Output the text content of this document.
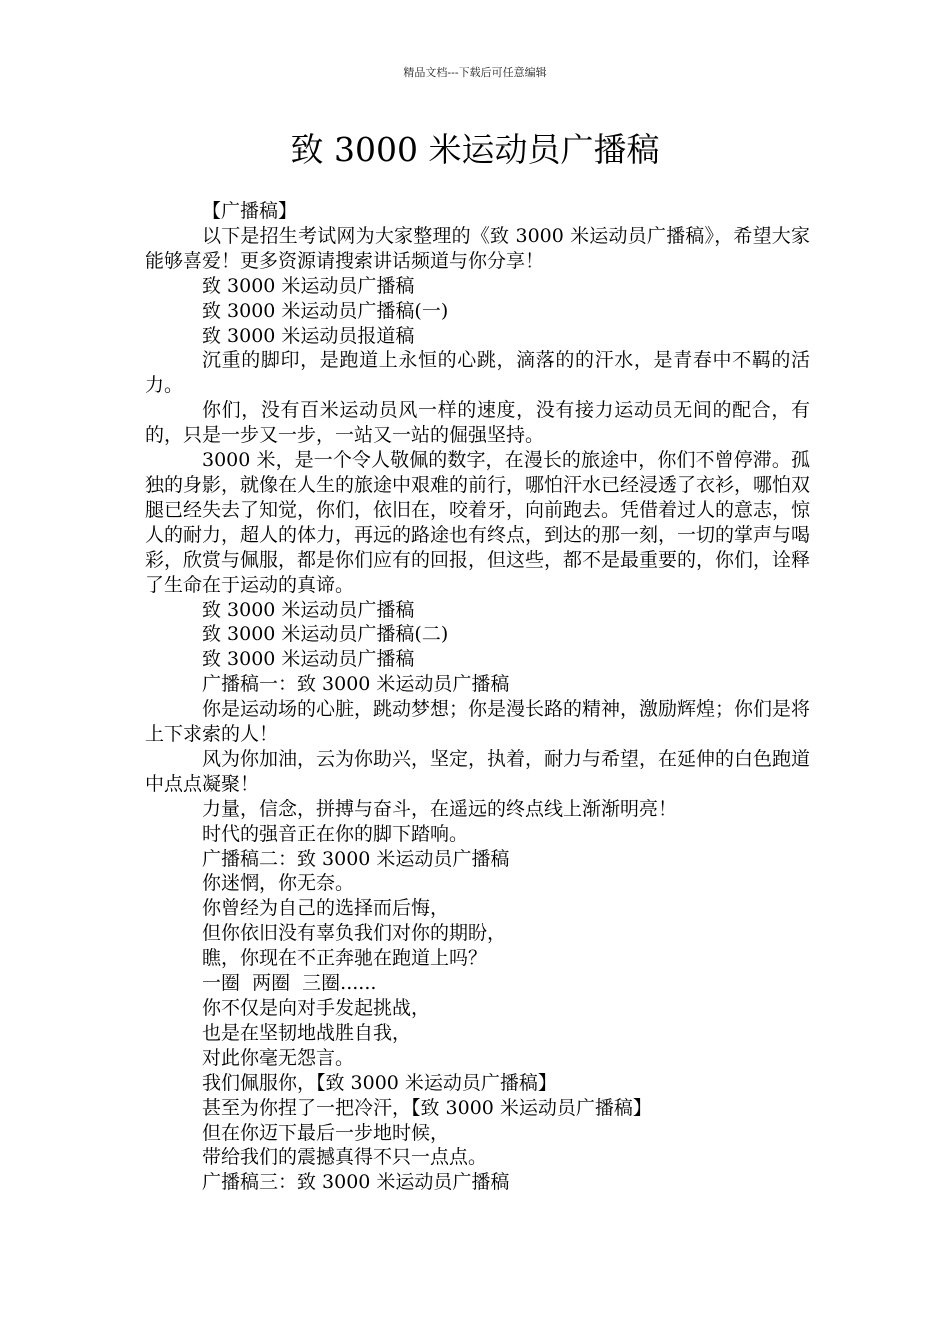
精品文档---下载后可任意编辑
致 3000 米运动员广播稿

【广播稿】

以下是招生考试网为大家整理的《致 3000 米运动员广播稿》，希望大家能够喜爱！更多资源请搜索讲话频道与你分享！

致 3000 米运动员广播稿

致 3000 米运动员广播稿(一)

致 3000 米运动员报道稿

沉重的脚印，是跑道上永恒的心跳，滴落的的汗水，是青春中不羁的活力。

你们，没有百米运动员风一样的速度，没有接力运动员无间的配合，有的，只是一步又一步，一站又一站的倔强坚持。

3000 米，是一个令人敬佩的数字，在漫长的旅途中，你们不曾停滞。孤独的身影，就像在人生的旅途中艰难的前行，哪怕汗水已经浸透了衣衫，哪怕双腿已经失去了知觉，你们，依旧在，咬着牙，向前跑去。凭借着过人的意志，惊人的耐力，超人的体力，再远的路途也有终点，到达的那一刻，一切的掌声与喝彩，欣赏与佩服，都是你们应有的回报，但这些，都不是最重要的，你们，诠释了生命在于运动的真谛。

致 3000 米运动员广播稿

致 3000 米运动员广播稿(二)

致 3000 米运动员广播稿

广播稿一：致 3000 米运动员广播稿

你是运动场的心脏，跳动梦想；你是漫长路的精神，激励辉煌；你们是将上下求索的人！

风为你加油，云为你助兴，坚定，执着，耐力与希望，在延伸的白色跑道中点点凝聚！

力量，信念，拼搏与奋斗，在遥远的终点线上渐渐明亮！

时代的强音正在你的脚下踏响。

广播稿二：致 3000 米运动员广播稿

你迷惘，你无奈。

你曾经为自己的选择而后悔，

但你依旧没有辜负我们对你的期盼，

瞧，你现在不正奔驰在跑道上吗？

一圈  两圈  三圈......

你不仅是向对手发起挑战，

也是在坚韧地战胜自我，

对此你毫无怨言。

我们佩服你，【致 3000 米运动员广播稿】

甚至为你捏了一把冷汗，【致 3000 米运动员广播稿】

但在你迈下最后一步地时候，

带给我们的震撼真得不只一点点。

广播稿三：致 3000 米运动员广播稿
